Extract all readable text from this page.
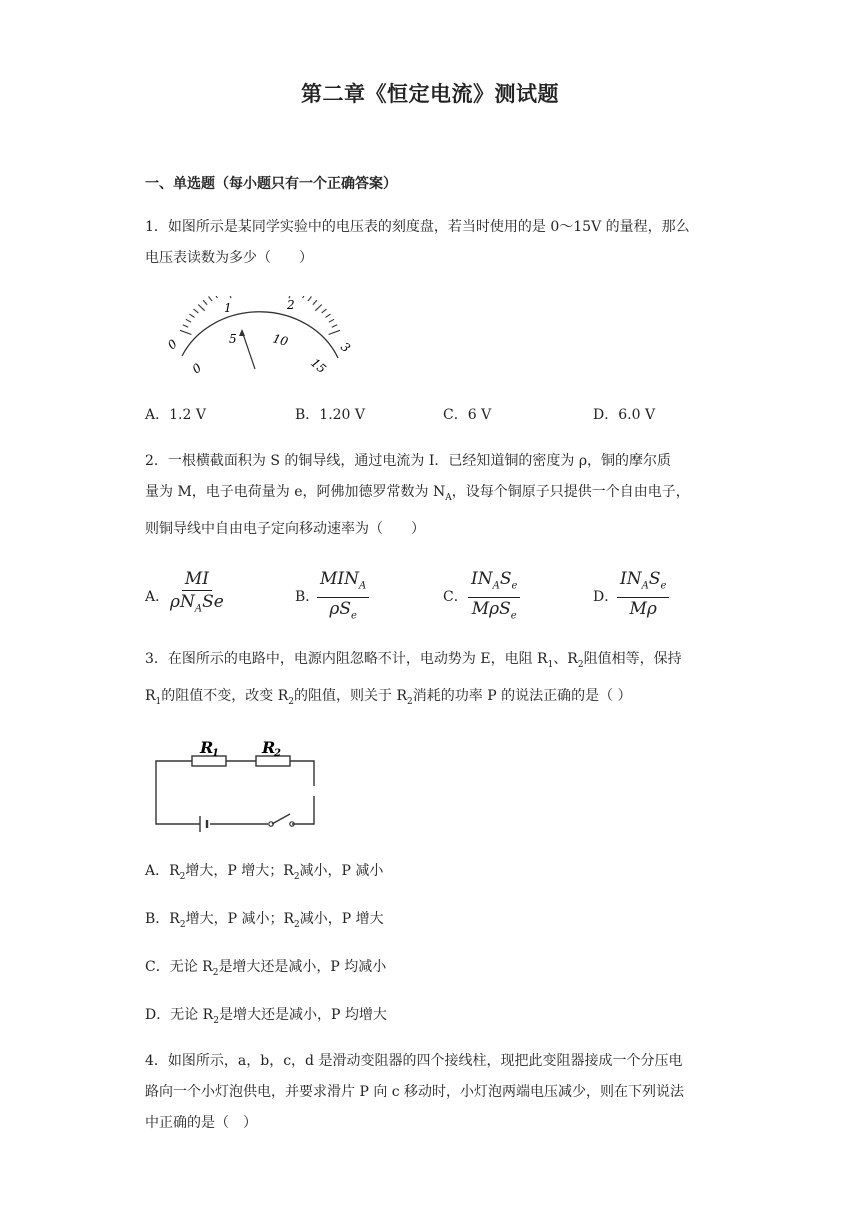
第二章《恒定电流》测试题
一、单选题（每小题只有一个正确答案）
1．如图所示是某同学实验中的电压表的刻度盘，若当时使用的是 0～15V 的量程，那么
电压表读数为多少（　　）
0
1	2
3
0
5	10
15
A．1.2 V	B．1.20 V	C．6 V	D．6.0 V
2．一根横截面积为 S 的铜导线，通过电流为 I．已经知道铜的密度为 ρ，铜的摩尔质
量为 M，电子电荷量为 e，阿佛加德罗常数为 $N_A$，设每个铜原子只提供一个自由电子，
则铜导线中自由电子定向移动速率为（　　）
A．
MI
$\rho N_ASe$	B．
$MIN_A$
$\rho S_e$
C．
$IN_AS_e$
MρS$_e$
D．
$IN_AS_e$
Mρ
3．在图所示的电路中，电源内阻忽略不计，电动势为 E，电阻 $R_1$、$R_2$阻值相等，保持
$R_1$的阻值不变，改变 $R_2$的阻值，则关于 $R_2$消耗的功率 P 的说法正确的是（ ）
R
1	R
2
A．$R_2$增大，P 增大；$R_2$减小，P 减小
B．$R_2$增大，P 减小；$R_2$减小，P 增大
C．无论 $R_2$是增大还是减小，P 均减小
D．无论 $R_2$是增大还是减小，P 均增大
4．如图所示，a，b，c，d 是滑动变阻器的四个接线柱，现把此变阻器接成一个分压电
路向一个小灯泡供电，并要求滑片 P 向 c 移动时，小灯泡两端电压减少，则在下列说法
中正确的是（　）
